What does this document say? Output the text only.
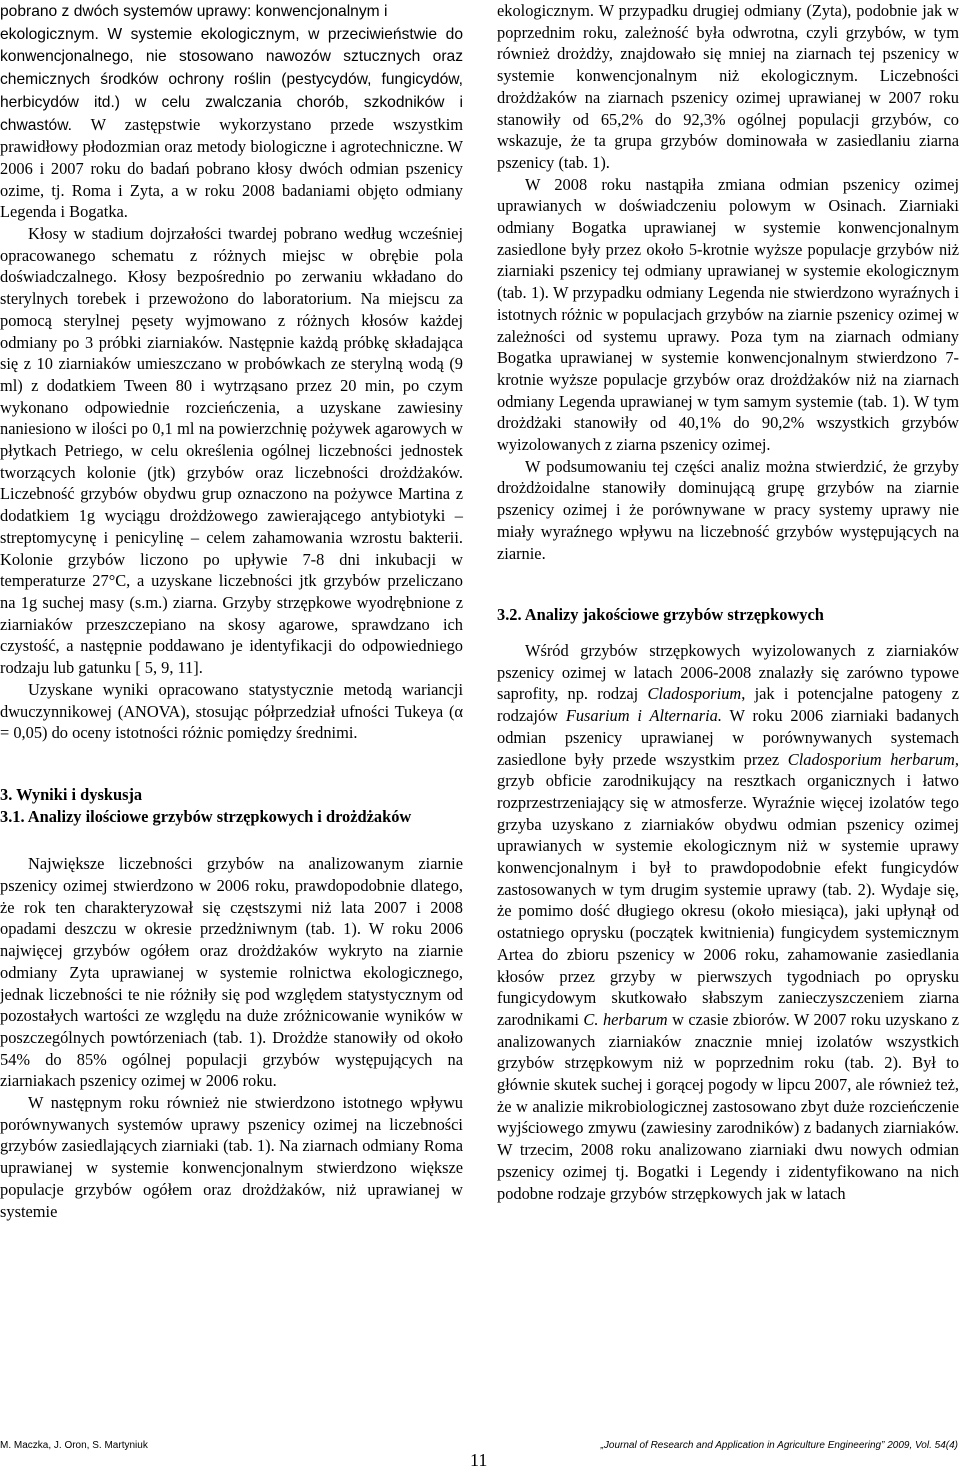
pobrano z dwóch systemów uprawy: konwencjonalnym i
ekologicznym. W systemie ekologicznym, w przeciwieństwie do konwencjonalnego, nie stosowano nawozów sztucznych oraz chemicznych środków ochrony roślin (pestycydów, fungicydów, herbicydów itd.) w celu zwalczania chorób, szkodników i chwastów. W zastępstwie wykorzystano przede wszystkim prawidłowy płodozmian oraz metody biologiczne i agrotechniczne. W 2006 i 2007 roku do badań pobrano kłosy dwóch odmian pszenicy ozime, tj. Roma i Zyta, a w roku 2008 badaniami objęto odmiany Legenda i Bogatka.

Kłosy w stadium dojrzałości twardej pobrano według wcześniej opracowanego schematu z różnych miejsc w obrębie pola doświadczalnego. Kłosy bezpośrednio po zerwaniu wkładano do sterylnych torebek i przewożono do laboratorium. Na miejscu za pomocą sterylnej pęsety wyjmowano z różnych kłosów każdej odmiany po 3 próbki ziarniaków. Następnie każdą próbkę składająca się z 10 ziarniaków umieszczano w probówkach ze sterylną wodą (9 ml) z dodatkiem Tween 80 i wytrząsano przez 20 min, po czym wykonano odpowiednie rozcieńczenia, a uzyskane zawiesiny naniesiono w ilości po 0,1 ml na powierzchnię pożywek agarowych w płytkach Petriego, w celu określenia ogólnej liczebności jednostek tworzących kolonie (jtk) grzybów oraz liczebności drożdżaków. Liczebność grzybów obydwu grup oznaczono na pożywce Martina z dodatkiem 1g wyciągu drożdżowego zawierającego antybiotyki – streptomycynę i penicylinę – celem zahamowania wzrostu bakterii. Kolonie grzybów liczono po upływie 7-8 dni inkubacji w temperaturze 27°C, a uzyskane liczebności jtk grzybów przeliczano na 1g suchej masy (s.m.) ziarna. Grzyby strzępkowe wyodrębnione z ziarniaków przeszczepiano na skosy agarowe, sprawdzano ich czystość, a następnie poddawano je identyfikacji do odpowiedniego rodzaju lub gatunku [ 5, 9, 11].

Uzyskane wyniki opracowano statystycznie metodą wariancji dwuczynnikowej (ANOVA), stosując półprzedział ufności Tukeya (α = 0,05) do oceny istotności różnic pomiędzy średnimi.

3. Wyniki i dyskusja

3.1. Analizy ilościowe grzybów strzępkowych i drożdżaków

Największe liczebności grzybów na analizowanym ziarnie pszenicy ozimej stwierdzono w 2006 roku, prawdopodobnie dlatego, że rok ten charakteryzował się częstszymi niż lata 2007 i 2008 opadami deszczu w okresie przedżniwnym (tab. 1). W roku 2006 najwięcej grzybów ogółem oraz drożdżaków wykryto na ziarnie odmiany Zyta uprawianej w systemie rolnictwa ekologicznego, jednak liczebności te nie różniły się pod względem statystycznym od pozostałych wartości ze względu na duże zróżnicowanie wyników w poszczególnych powtórzeniach (tab. 1). Drożdże stanowiły od około 54% do 85% ogólnej populacji grzybów występujących na ziarniakach pszenicy ozimej w 2006 roku.

W następnym roku również nie stwierdzono istotnego wpływu porównywanych systemów uprawy pszenicy ozimej na liczebności grzybów zasiedlających ziarniaki (tab. 1). Na ziarnach odmiany Roma uprawianej w systemie konwencjonalnym stwierdzono większe populacje grzybów ogółem oraz drożdżaków, niż uprawianej w systemie

ekologicznym. W przypadku drugiej odmiany (Zyta), podobnie jak w poprzednim roku, zależność była odwrotna, czyli grzybów, w tym również drożdży, znajdowało się mniej na ziarnach tej pszenicy w systemie konwencjonalnym niż ekologicznym. Liczebności drożdżaków na ziarnach pszenicy ozimej uprawianej w 2007 roku stanowiły od 65,2% do 92,3% ogólnej populacji grzybów, co wskazuje, że ta grupa grzybów dominowała w zasiedlaniu ziarna pszenicy (tab. 1).

W 2008 roku nastąpiła zmiana odmian pszenicy ozimej uprawianych w doświadczeniu polowym w Osinach. Ziarniaki odmiany Bogatka uprawianej w systemie konwencjonalnym zasiedlone były przez około 5-krotnie wyższe populacje grzybów niż ziarniaki pszenicy tej odmiany uprawianej w systemie ekologicznym (tab. 1). W przypadku odmiany Legenda nie stwierdzono wyraźnych i istotnych różnic w populacjach grzybów na ziarnie pszenicy ozimej w zależności od systemu uprawy. Poza tym na ziarnach odmiany Bogatka uprawianej w systemie konwencjonalnym stwierdzono 7-krotnie wyższe populacje grzybów oraz drożdżaków niż na ziarnach odmiany Legenda uprawianej w tym samym systemie (tab. 1). W tym drożdżaki stanowiły od 40,1% do 90,2% wszystkich grzybów wyizolowanych z ziarna pszenicy ozimej.

W podsumowaniu tej części analiz można stwierdzić, że grzyby drożdżoidalne stanowiły dominującą grupę grzybów na ziarnie pszenicy ozimej i że porównywane w pracy systemy uprawy nie miały wyraźnego wpływu na liczebność grzybów występujących na ziarnie.

3.2. Analizy jakościowe grzybów strzępkowych

Wśród grzybów strzępkowych wyizolowanych z ziarniaków pszenicy ozimej w latach 2006-2008 znalazły się zarówno typowe saprofity, np. rodzaj Cladosporium, jak i potencjalne patogeny z rodzajów Fusarium i Alternaria. W roku 2006 ziarniaki badanych odmian pszenicy uprawianej w porównywanych systemach zasiedlone były przede wszystkim przez Cladosporium herbarum, grzyb obficie zarodnikujący na resztkach organicznych i łatwo rozprzestrzeniający się w atmosferze. Wyraźnie więcej izolatów tego grzyba uzyskano z ziarniaków obydwu odmian pszenicy ozimej uprawianych w systemie ekologicznym niż w systemie uprawy konwencjonalnym i był to prawdopodobnie efekt fungicydów zastosowanych w tym drugim systemie uprawy (tab. 2). Wydaje się, że pomimo dość długiego okresu (około miesiąca), jaki upłynął od ostatniego oprysku (początek kwitnienia) fungicydem systemicznym Artea do zbioru pszenicy w 2006 roku, zahamowanie zasiedlania kłosów przez grzyby w pierwszych tygodniach po oprysku fungicydowym skutkowało słabszym zanieczyszczeniem ziarna zarodnikami C. herbarum w czasie zbiorów. W 2007 roku uzyskano z analizowanych ziarniaków znacznie mniej izolatów wszystkich grzybów strzępkowym niż w poprzednim roku (tab. 2). Był to głównie skutek suchej i gorącej pogody w lipcu 2007, ale również też, że w analizie mikrobiologicznej zastosowano zbyt duże rozcieńczenie wyjściowego zmywu (zawiesiny zarodników) z badanych ziarniaków. W trzecim, 2008 roku analizowano ziarniaki dwu nowych odmian pszenicy ozimej tj. Bogatki i Legendy i zidentyfikowano na nich podobne rodzaje grzybów strzępkowych jak w latach

M. Maczka, J. Oron, S. Martyniuk
11
„Journal of Research and Application in Agriculture Engineering” 2009, Vol. 54(4)
